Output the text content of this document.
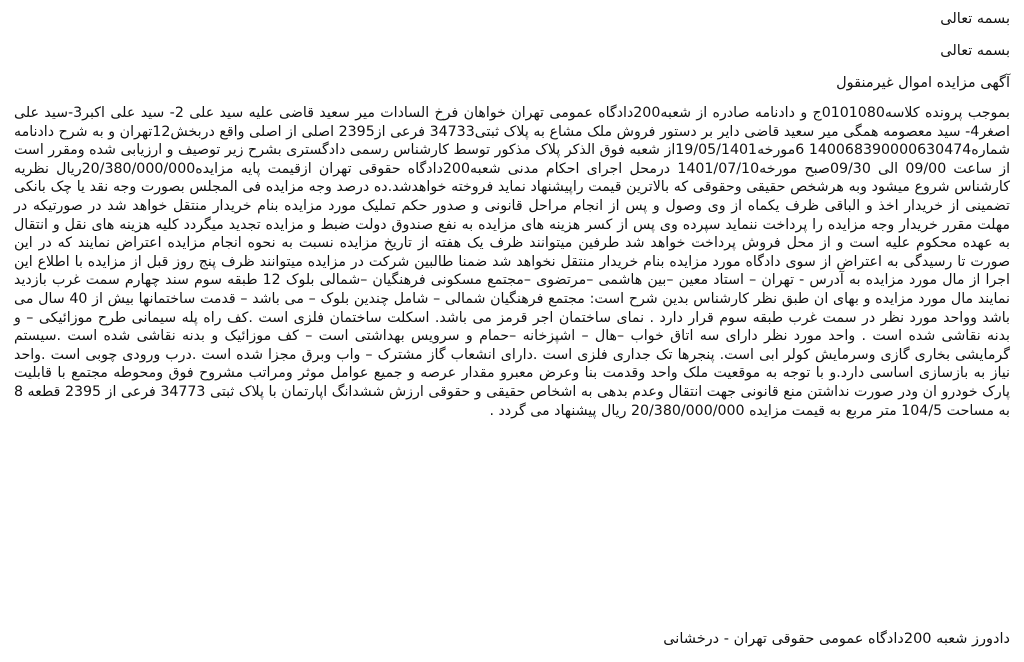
بسمه تعالی

بسمه تعالی

آگهی مزایده اموال غیرمنقول

بموجب پرونده کلاسه0101080ج و دادنامه صادره از شعبه200دادگاه عمومی تهران خواهان فرخ السادات میر سعید قاضی علیه سید علی 2- سید علی اکبر3-سید علی اصغر4- سید معصومه همگی میر سعید قاضی دایر بر دستور فروش ملک مشاع به پلاک ثبتی34733 فرعی از2395 اصلی از اصلی واقع دربخش12تهران و به شرح دادنامه شماره140068390000630474 6مورخه19/05/1401از شعبه فوق الذکر پلاک مذکور توسط کارشناس رسمی دادگستری بشرح زیر توصیف و ارزیابی شده ومقرر است از ساعت 09/00 الی 09/30صبح مورخه1401/07/10 درمحل اجرای احکام مدنی شعبه200دادگاه حقوقی تهران ازقیمت پایه مزایده20/380/000/000ریال نظریه کارشناس شروع میشود وبه هرشخص حقیقی وحقوقی که بالاترین قیمت راپیشنهاد نماید فروخته خواهدشد.ده درصد وجه مزایده فی المجلس بصورت وجه نقد یا چک بانکی تضمینی از خریدار اخذ و الباقی ظرف یکماه از وی وصول و پس از انجام مراحل قانونی و صدور حکم تملیک مورد مزایده بنام خریدار منتقل خواهد شد در صورتیکه در مهلت مقرر خریدار وجه مزایده را پرداخت ننماید سپرده وی پس از کسر هزینه های مزایده به نفع صندوق دولت ضبط و مزایده تجدید میگردد کلیه هزینه های نقل و انتقال به عهده محکوم علیه است و از محل فروش پرداخت خواهد شد طرفین میتوانند ظرف یک هفته از تاریخ مزایده نسبت به نحوه انجام مزایده اعتراض نمایند که در این صورت تا رسیدگی به اعتراض از سوی دادگاه مورد مزایده بنام خریدار منتقل نخواهد شد ضمنا طالبین شرکت در مزایده میتوانند ظرف پنج روز قبل از مزایده با اطلاع این اجرا از مال مورد مزایده به آدرس - تهران – استاد معین –بین هاشمی –مرتضوی –مجتمع مسکونی فرهنگیان –شمالی بلوک 12 طبقه سوم سند چهارم سمت غرب بازدید نمایند مال مورد مزایده و بهای ان طبق نظر کارشناس بدین شرح است: مجتمع فرهنگیان شمالی – شامل چندین بلوک – می باشد – قدمت ساختمانها بیش از 40 سال می باشد وواحد مورد نظر در سمت غرب طبقه سوم قرار دارد . نمای ساختمان اجر قرمز می باشد. اسکلت ساختمان فلزی است .کف راه پله سیمانی طرح موزائیکی – و بدنه نقاشی شده است . واحد مورد نظر دارای سه اتاق خواب –هال – اشپزخانه –حمام و سرویس بهداشتی است – کف موزائیک و بدنه نقاشی شده است .سیستم گرمایشی بخاری گازی وسرمایش کولر ابی است. پنجرها تک جداری فلزی است .دارای انشعاب گاز مشترک – واب وبرق مجزا شده است .درب ورودی چوبی است .واحد نیاز به بازسازی اساسی دارد.و با توجه به موقعیت ملک واحد وقدمت بنا وعرض معبرو مقدار عرصه و جمیع عوامل موثر ومراتب مشروح فوق ومحوطه مجتمع با قابلیت پارک خودرو ان ودر صورت نداشتن منع قانونی جهت انتقال وعدم بدهی به اشخاص حقیقی و حقوقی ارزش ششدانگ اپارتمان با پلاک ثبتی 34773 فرعی از 2395 قطعه 8 به مساحت 104/5 متر مربع به قیمت مزایده 20/380/000/000 ریال پیشنهاد می گردد .

دادورز شعبه 200دادگاه عمومی حقوقی تهران - درخشانی
